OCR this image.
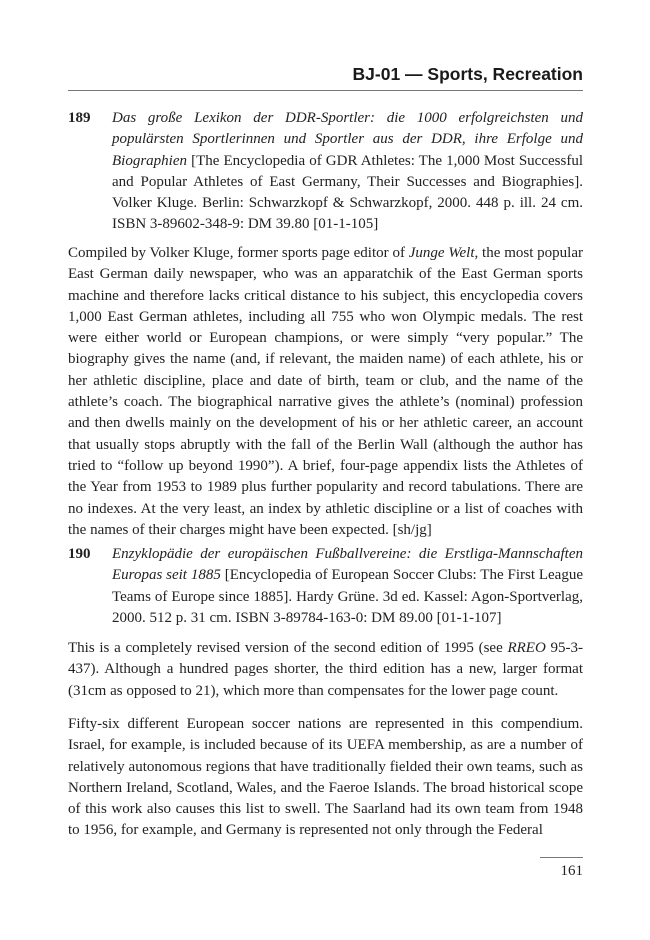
BJ-01 — Sports, Recreation
189 Das große Lexikon der DDR-Sportler: die 1000 erfolgreichsten und populärsten Sportlerinnen und Sportler aus der DDR, ihre Erfolge und Biographien [The Encyclopedia of GDR Athletes: The 1,000 Most Successful and Popular Athletes of East Germany, Their Successes and Biographies]. Volker Kluge. Berlin: Schwarzkopf & Schwarzkopf, 2000. 448 p. ill. 24 cm. ISBN 3-89602-348-9: DM 39.80 [01-1-105]
Compiled by Volker Kluge, former sports page editor of Junge Welt, the most popular East German daily newspaper, who was an apparatchik of the East German sports machine and therefore lacks critical distance to his subject, this encyclopedia covers 1,000 East German athletes, including all 755 who won Olympic medals. The rest were either world or European champions, or were simply “very popular.” The biography gives the name (and, if relevant, the maiden name) of each athlete, his or her athletic discipline, place and date of birth, team or club, and the name of the athlete’s coach. The biographical narrative gives the athlete’s (nominal) profession and then dwells mainly on the development of his or her athletic career, an account that usually stops abruptly with the fall of the Berlin Wall (although the author has tried to “follow up beyond 1990”). A brief, four-page appendix lists the Athletes of the Year from 1953 to 1989 plus further popularity and record tabulations. There are no indexes. At the very least, an index by athletic discipline or a list of coaches with the names of their charges might have been expected. [sh/jg]
190 Enzyklopädie der europäischen Fußballvereine: die Erstliga-Mannschaften Europas seit 1885 [Encyclopedia of European Soccer Clubs: The First League Teams of Europe since 1885]. Hardy Grüne. 3d ed. Kassel: Agon-Sportverlag, 2000. 512 p. 31 cm. ISBN 3-89784-163-0: DM 89.00 [01-1-107]
This is a completely revised version of the second edition of 1995 (see RREO 95-3-437). Although a hundred pages shorter, the third edition has a new, larger format (31cm as opposed to 21), which more than compensates for the lower page count.
Fifty-six different European soccer nations are represented in this compendium. Israel, for example, is included because of its UEFA membership, as are a number of relatively autonomous regions that have traditionally fielded their own teams, such as Northern Ireland, Scotland, Wales, and the Faeroe Islands. The broad historical scope of this work also causes this list to swell. The Saarland had its own team from 1948 to 1956, for example, and Germany is represented not only through the Federal
161
